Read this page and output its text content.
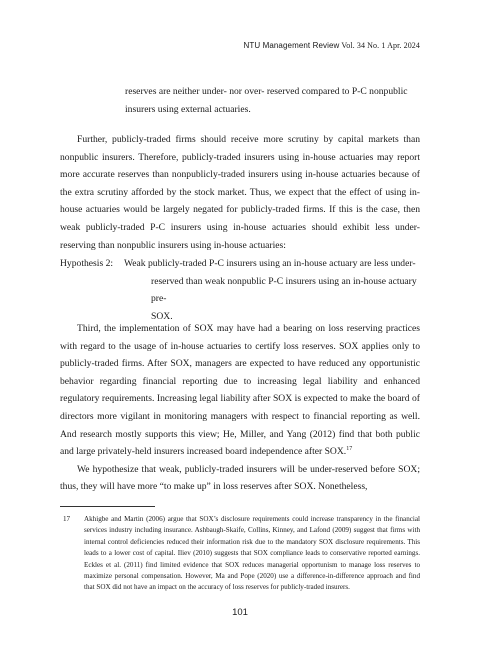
NTU Management Review Vol. 34 No. 1 Apr. 2024

reserves are neither under- nor over- reserved compared to P-C nonpublic insurers using external actuaries.

Further, publicly-traded firms should receive more scrutiny by capital markets than nonpublic insurers. Therefore, publicly-traded insurers using in-house actuaries may report more accurate reserves than nonpublicly-traded insurers using in-house actuaries because of the extra scrutiny afforded by the stock market. Thus, we expect that the effect of using in-house actuaries would be largely negated for publicly-traded firms. If this is the case, then weak publicly-traded P-C insurers using in-house actuaries should exhibit less under-reserving than nonpublic insurers using in-house actuaries:

Hypothesis 2: Weak publicly-traded P-C insurers using an in-house actuary are less under-
reserved than weak nonpublic P-C insurers using an in-house actuary pre-
SOX.

Third, the implementation of SOX may have had a bearing on loss reserving practices with regard to the usage of in-house actuaries to certify loss reserves. SOX applies only to publicly-traded firms. After SOX, managers are expected to have reduced any opportunistic behavior regarding financial reporting due to increasing legal liability and enhanced regulatory requirements. Increasing legal liability after SOX is expected to make the board of directors more vigilant in monitoring managers with respect to financial reporting as well. And research mostly supports this view; He, Miller, and Yang (2012) find that both public and large privately-held insurers increased board independence after SOX.$^{17}$

We hypothesize that weak, publicly-traded insurers will be under-reserved before SOX; thus, they will have more “to make up” in loss reserves after SOX. Nonetheless,

17 Akhigbe and Martin (2006) argue that SOX’s disclosure requirements could increase transparency in the financial services industry including insurance. Ashbaugh-Skaife, Collins, Kinney, and Lafond (2009) suggest that firms with internal control deficiencies reduced their information risk due to the mandatory SOX disclosure requirements. This leads to a lower cost of capital. Iliev (2010) suggests that SOX compliance leads to conservative reported earnings. Eckles et al. (2011) find limited evidence that SOX reduces managerial opportunism to manage loss reserves to maximize personal compensation. However, Ma and Pope (2020) use a difference-in-difference approach and find that SOX did not have an impact on the accuracy of loss reserves for publicly-traded insurers.
101
